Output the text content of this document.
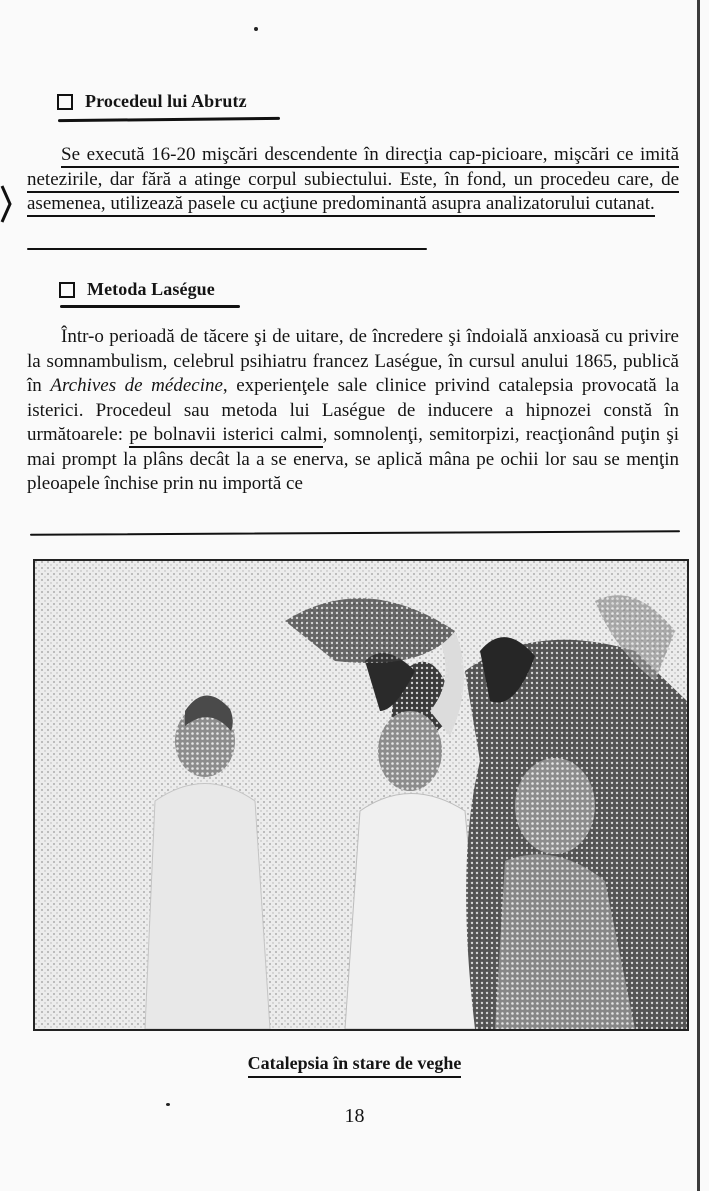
Procedeul lui Abrutz

Se execută 16-20 mişcări descendente în direcţia cap-picioare, mişcări ce imită netezirile, dar fără a atinge corpul subiectului. Este, în fond, un procedeu care, de asemenea, utilizează pasele cu acţiune predominantă asupra analizatorului cutanat.

Metoda Laségue

Într-o perioadă de tăcere şi de uitare, de încredere şi îndoială anxioasă cu privire la somnambulism, celebrul psihiatru francez Laségue, în cursul anului 1865, publică în Archives de médecine, experienţele sale clinice privind catalepsia provocată la isterici. Procedeul sau metoda lui Laségue de inducere a hipnozei constă în următoarele: pe bolnavii isterici calmi, somnolenţi, semitorpizi, reacţionând puţin şi mai prompt la plâns decât la a se enerva, se aplică mâna pe ochii lor sau se menţin pleoapele închise prin nu importă ce

Catalepsia în stare de veghe
18
